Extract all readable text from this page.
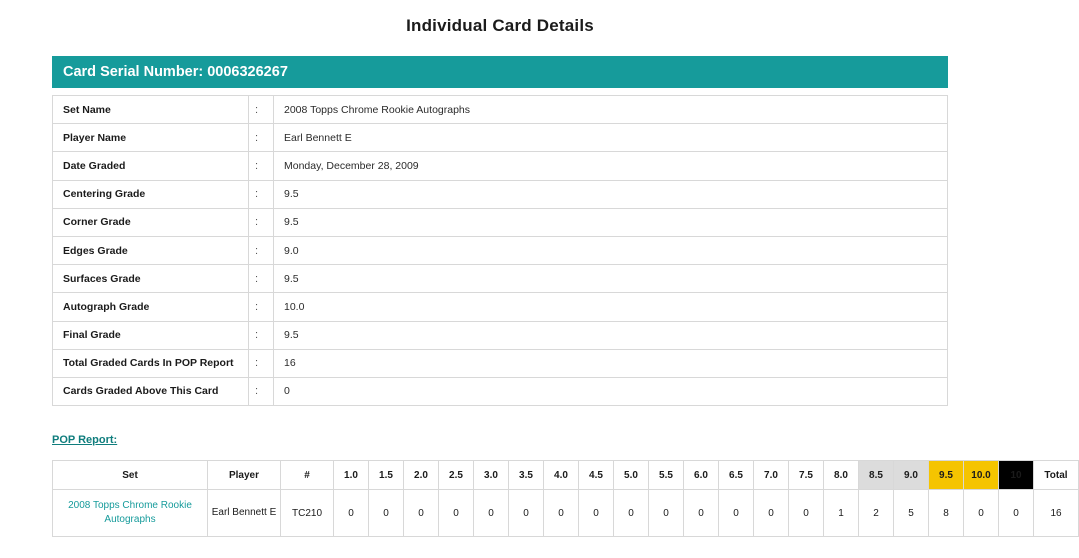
Individual Card Details
Card Serial Number: 0006326267
Set Name	:	2008 Topps Chrome Rookie Autographs
Player Name	:	Earl Bennett E
Date Graded	:	Monday, December 28, 2009
Centering Grade	:	9.5
Corner Grade	:	9.5
Edges Grade	:	9.0
Surfaces Grade	:	9.5
Autograph Grade	:	10.0
Final Grade	:	9.5
Total Graded Cards In POP Report	:	16
Cards Graded Above This Card	:	0
POP Report:
Set	Player	#	1.0	1.5	2.0	2.5	3.0	3.5	4.0	4.5	5.0	5.5	6.0	6.5	7.0	7.5	8.0	8.5	9.0	9.5	10.0	10	Total

2008 Topps Chrome Rookie Autographs	Earl Bennett E	TC210	0	0	0	0	0	0	0	0	0	0	0	0	0	0	1	2	5	8	0	0	16
